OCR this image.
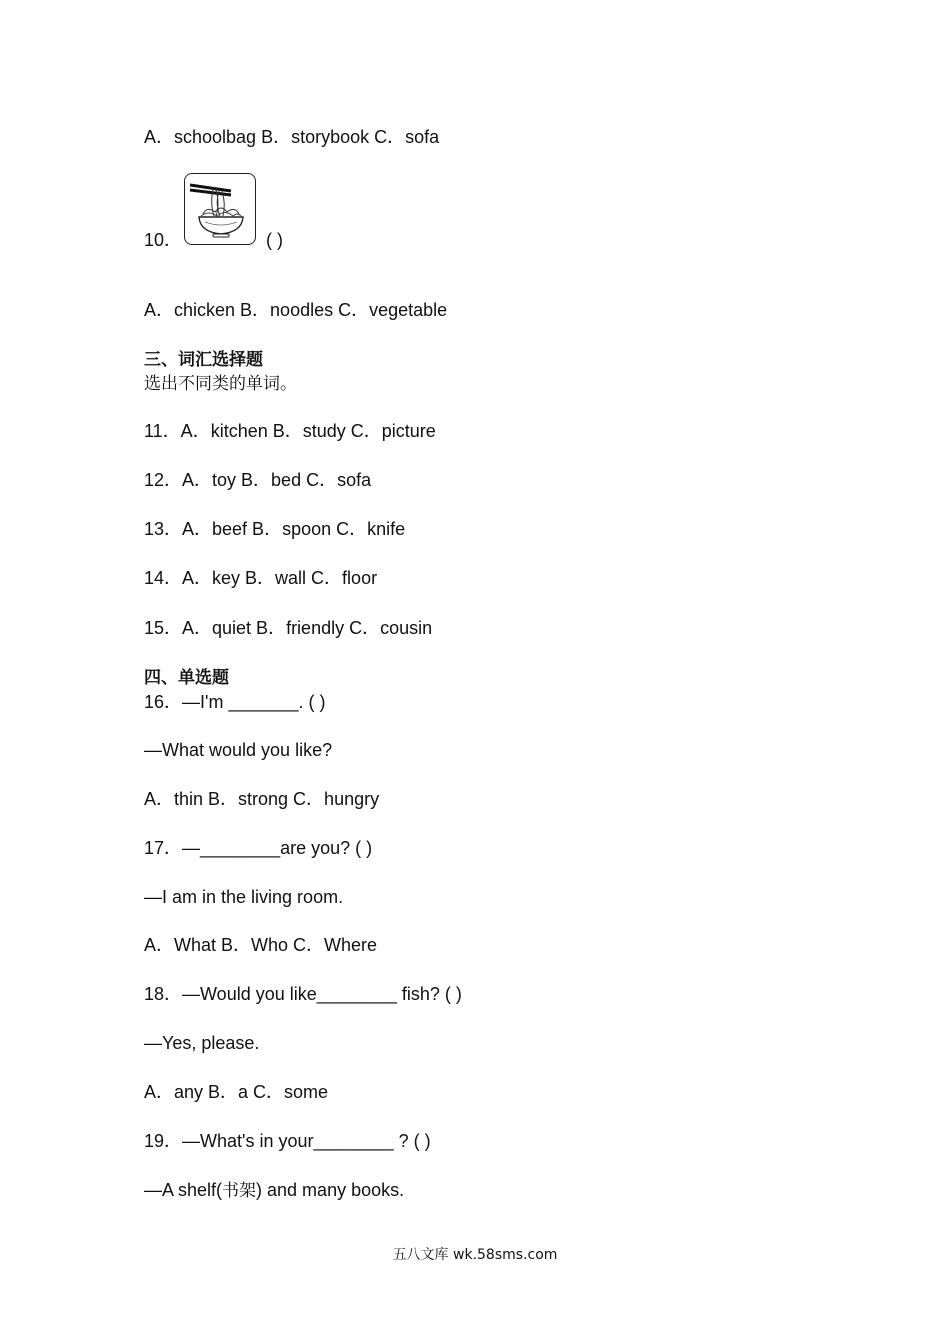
A．schoolbag B．storybook C．sofa
10．	( )
A．chicken B．noodles C．vegetable
三、词汇选择题
选出不同类的单词。
11．A．kitchen B．study C．picture
12．A．toy B．bed C．sofa
13．A．beef B．spoon C．knife
14．A．key B．wall C．floor
15．A．quiet B．friendly C．cousin
四、单选题
16．—I'm _______. ( )
—What would you like?
A．thin B．strong C．hungry
17．—________are you? ( )
—I am in the living room.
A．What B．Who C．Where
18．—Would you like________ fish? ( )
—Yes, please.
A．any B．a C．some
19．—What's in your________ ? ( )
—A shelf(书架) and many books.
五八文库 wk.58sms.com
